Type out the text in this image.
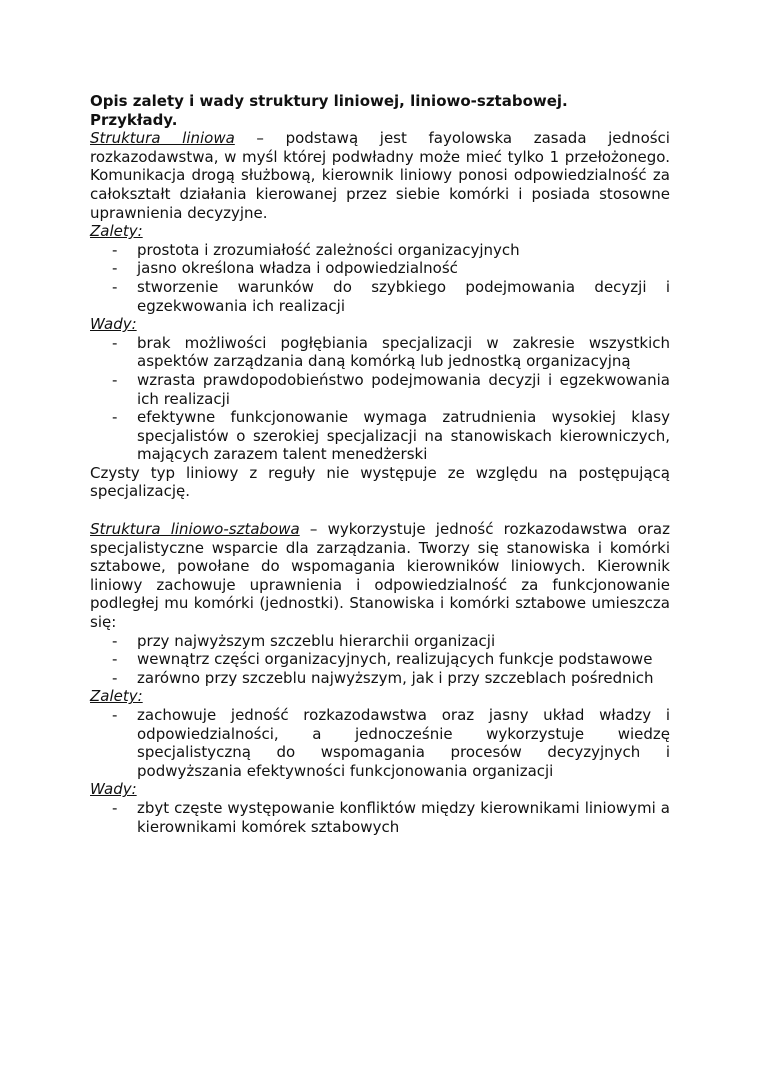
Opis zalety i wady struktury liniowej, liniowo-sztabowej.
Przykłady.

Struktura liniowa – podstawą jest fayolowska zasada jedności rozkazodawstwa, w myśl której podwładny może mieć tylko 1 przełożonego. Komunikacja drogą służbową, kierownik liniowy ponosi odpowiedzialność za całokształt działania kierowanej przez siebie komórki i posiada stosowne uprawnienia decyzyjne.

Zalety:

- prostota i zrozumiałość zależności organizacyjnych
- jasno określona władza i odpowiedzialność
- stworzenie warunków do szybkiego podejmowania decyzji i egzekwowania ich realizacji

Wady:

- brak możliwości pogłębiania specjalizacji w zakresie wszystkich aspektów zarządzania daną komórką lub jednostką organizacyjną
- wzrasta prawdopodobieństwo podejmowania decyzji i egzekwowania ich realizacji
- efektywne funkcjonowanie wymaga zatrudnienia wysokiej klasy specjalistów o szerokiej specjalizacji na stanowiskach kierowniczych, mających zarazem talent menedżerski

Czysty typ liniowy z reguły nie występuje ze względu na postępującą specjalizację.

Struktura liniowo-sztabowa – wykorzystuje jedność rozkazodawstwa oraz specjalistyczne wsparcie dla zarządzania. Tworzy się stanowiska i komórki sztabowe, powołane do wspomagania kierowników liniowych. Kierownik liniowy zachowuje uprawnienia i odpowiedzialność za funkcjonowanie podległej mu komórki (jednostki). Stanowiska i komórki sztabowe umieszcza się:

- przy najwyższym szczeblu hierarchii organizacji
- wewnątrz części organizacyjnych, realizujących funkcje podstawowe
- zarówno przy szczeblu najwyższym, jak i przy szczeblach pośrednich

Zalety:

- zachowuje jedność rozkazodawstwa oraz jasny układ władzy i odpowiedzialności, a jednocześnie wykorzystuje wiedzę specjalistyczną do wspomagania procesów decyzyjnych i podwyższania efektywności funkcjonowania organizacji

Wady:

- zbyt częste występowanie konfliktów między kierownikami liniowymi a kierownikami komórek sztabowych
